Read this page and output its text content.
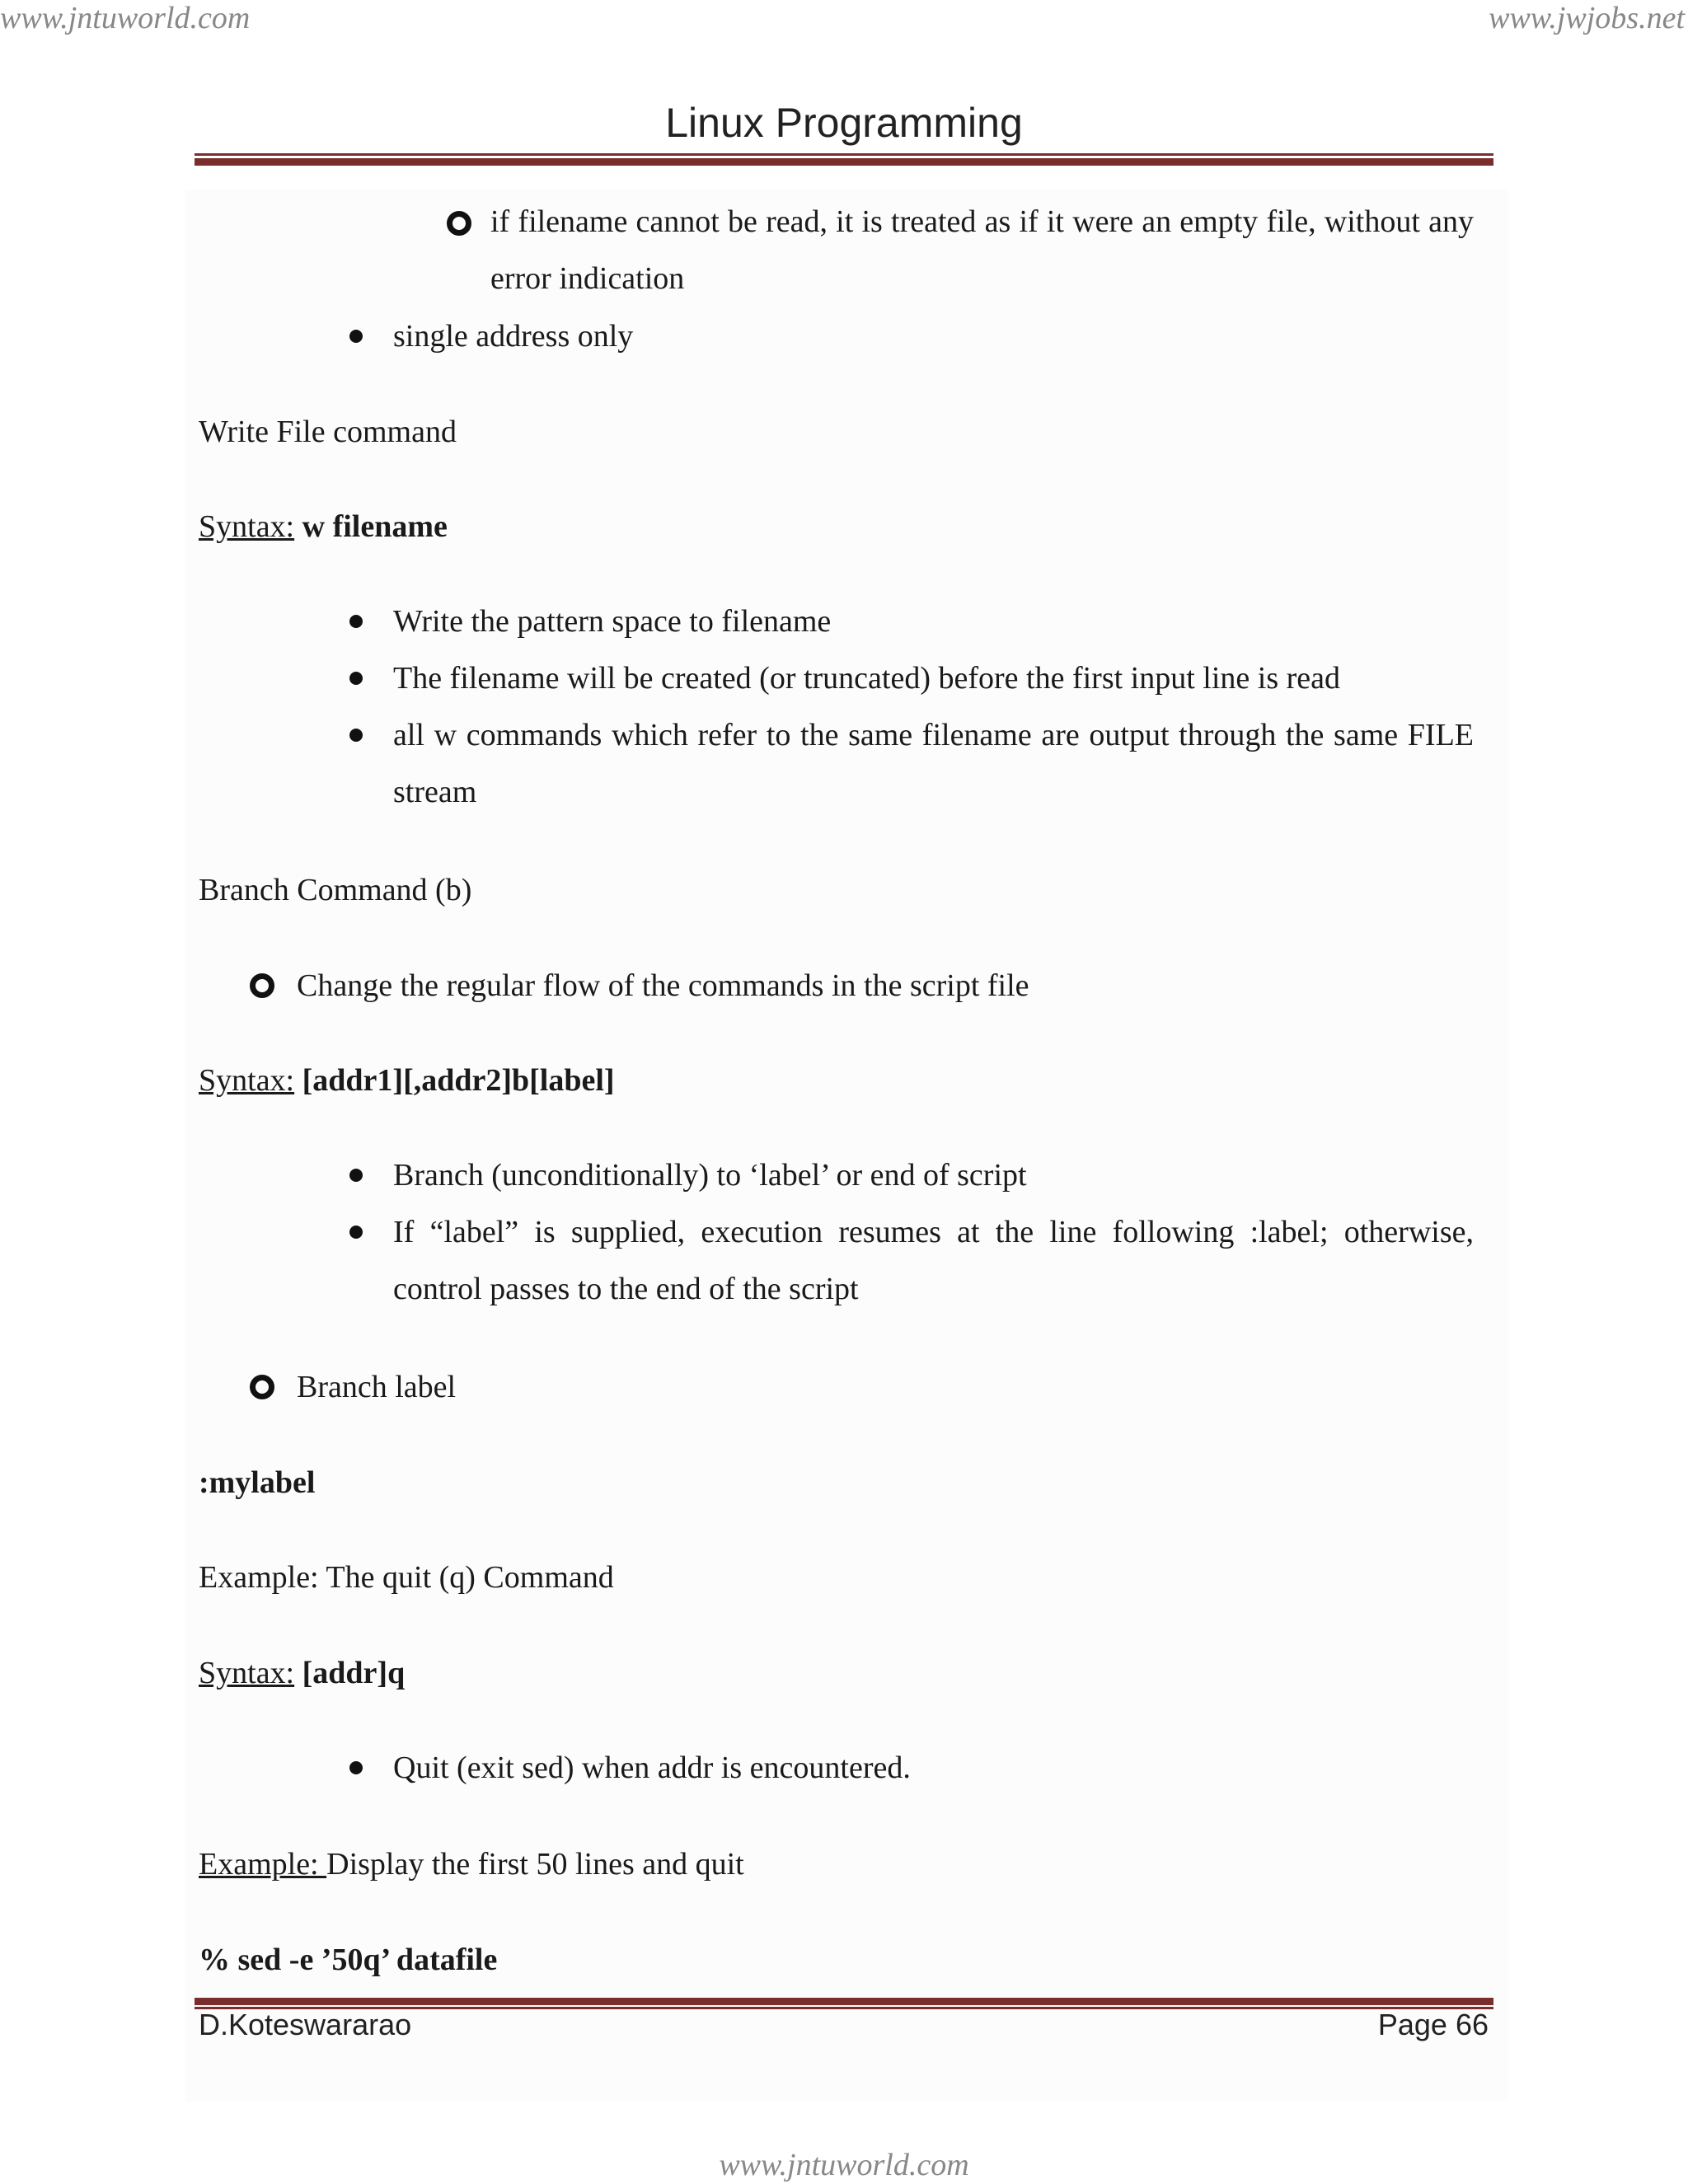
www.jntuworld.com	www.jwjobs.net
Linux Programming
if filename cannot be read, it is treated as if it were an empty file, without any error indication
single address only
Write File command
Syntax: w filename
Write the pattern space to filename
The filename will be created (or truncated) before the first input line is read
all w commands which refer to the same filename are output through the same FILE stream
Branch Command (b)
Change the regular flow of the commands in the script file
Syntax: [addr1][,addr2]b[label]
Branch (unconditionally) to ‘label’ or end of script
If “label” is supplied, execution resumes at the line following :label; otherwise, control passes to the end of the script
Branch label
:mylabel
Example: The quit (q) Command
Syntax: [addr]q
Quit (exit sed) when addr is encountered.
Example: Display the first 50 lines and quit
% sed -e ’50q’ datafile
D.Koteswararao	Page 66
www.jntuworld.com
